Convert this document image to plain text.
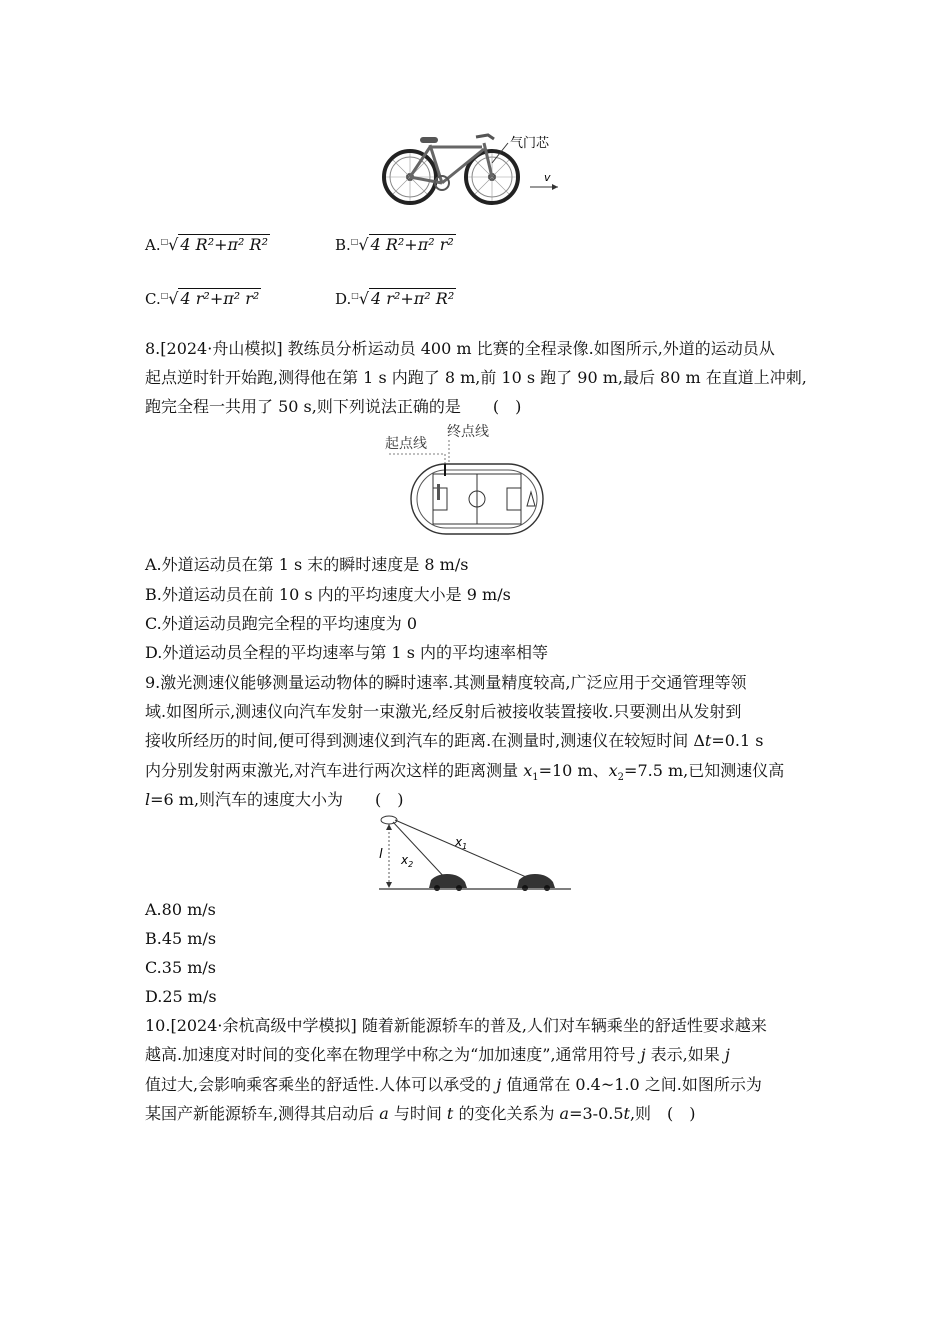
气门芯
v
A.□√ 4 R²+π² R²	B.□√ 4 R²+π² r²
C.□√ 4 r²+π² r²	D.□√ 4 r²+π² R²
8.[2024·舟山模拟] 教练员分析运动员 400 m 比赛的全程录像.如图所示,外道的运动员从
起点逆时针开始跑,测得他在第 1 s 内跑了 8 m,前 10 s 跑了 90 m,最后 80 m 在直道上冲刺,
跑完全程一共用了 50 s,则下列说法正确的是　　(　)
起点线
终点线
A.外道运动员在第 1 s 末的瞬时速度是 8 m/s
B.外道运动员在前 10 s 内的平均速度大小是 9 m/s
C.外道运动员跑完全程的平均速度为 0
D.外道运动员全程的平均速率与第 1 s 内的平均速率相等
9.激光测速仪能够测量运动物体的瞬时速率.其测量精度较高,广泛应用于交通管理等领
域.如图所示,测速仪向汽车发射一束激光,经反射后被接收装置接收.只要测出从发射到
接收所经历的时间,便可得到测速仪到汽车的距离.在测量时,测速仪在较短时间 Δt=0.1 s
内分别发射两束激光,对汽车进行两次这样的距离测量 $x_1=10$ m、$x_2=7.5$ m,已知测速仪高
l=6 m,则汽车的速度大小为　　(　)
l $x_2$
$x_1$
A.80 m/s
B.45 m/s
C.35 m/s
D.25 m/s
10.[2024·余杭高级中学模拟] 随着新能源轿车的普及,人们对车辆乘坐的舒适性要求越来
越高.加速度对时间的变化率在物理学中称之为“加加速度”,通常用符号 j 表示,如果 j
值过大,会影响乘客乘坐的舒适性.人体可以承受的 j 值通常在 0.4~1.0 之间.如图所示为
某国产新能源轿车,测得其启动后 a 与时间 t 的变化关系为 a=3-0.5t,则　(　)
